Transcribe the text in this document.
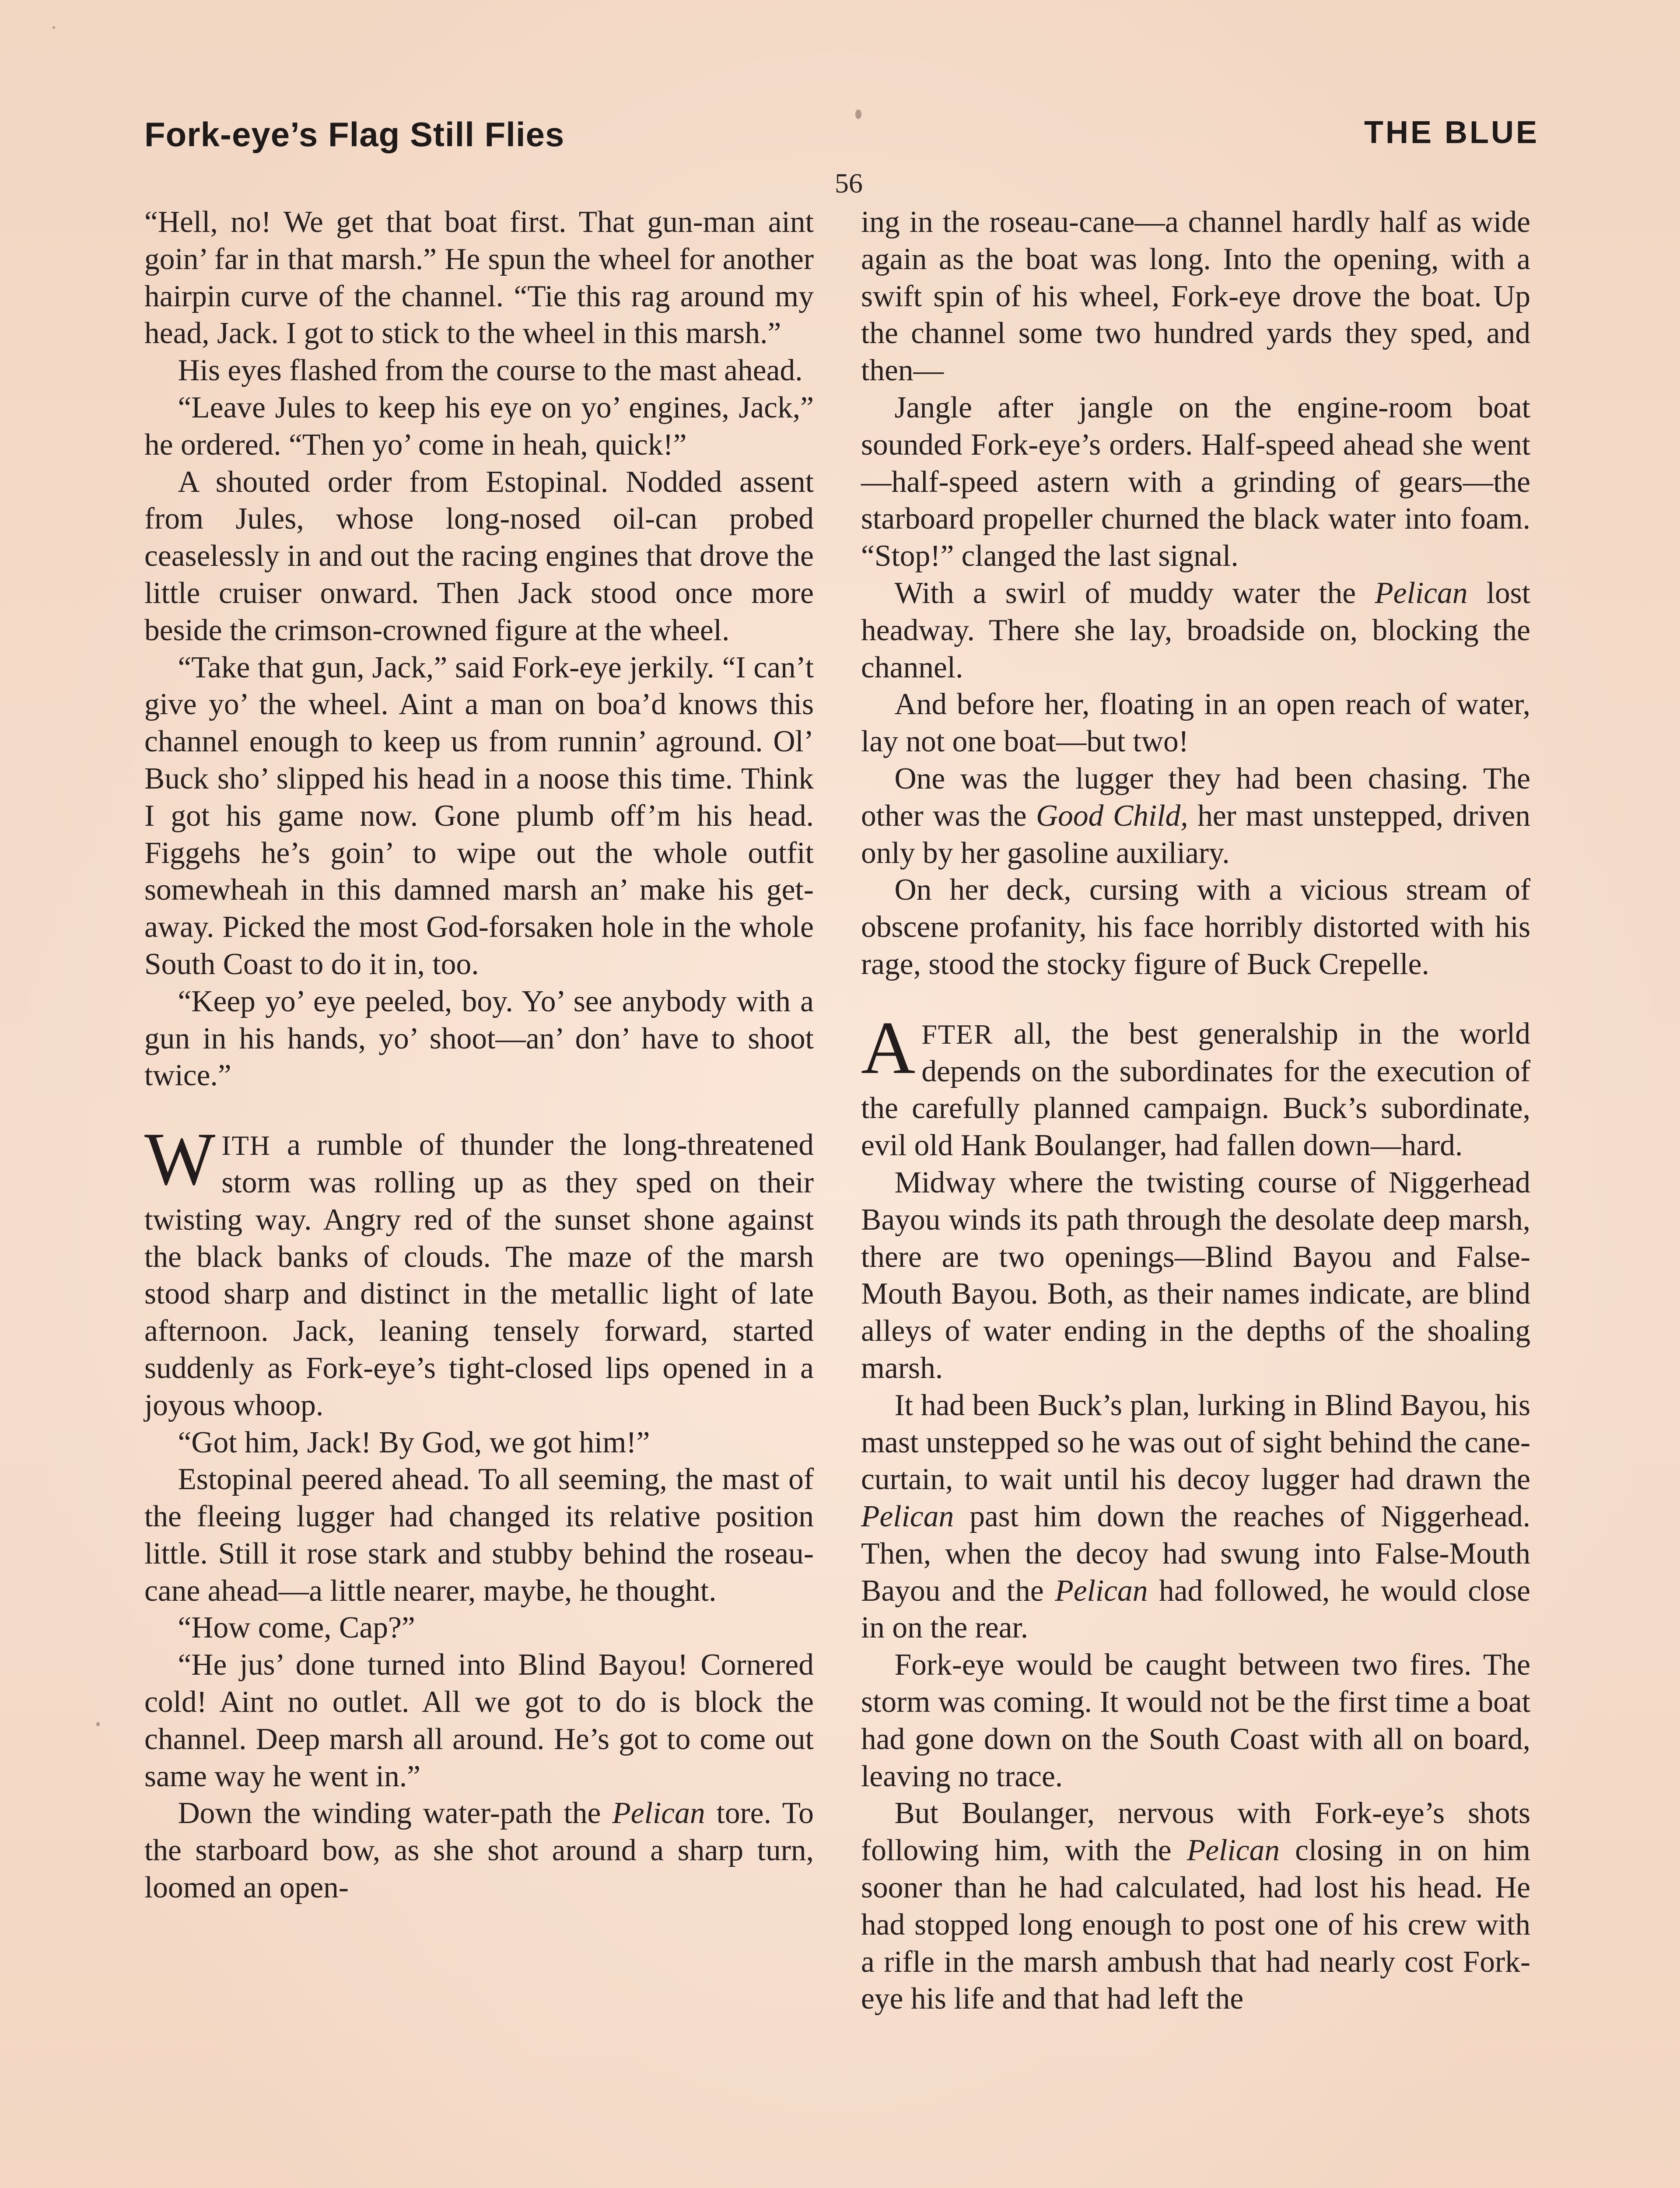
Fork-eye’s Flag Still Flies	THE BLUE
56

“Hell, no! We get that boat first. That gun-man aint goin’ far in that marsh.” He spun the wheel for another hairpin curve of the channel. “Tie this rag around my head, Jack. I got to stick to the wheel in this marsh.”

His eyes flashed from the course to the mast ahead.

“Leave Jules to keep his eye on yo’ engines, Jack,” he ordered. “Then yo’ come in heah, quick!”

A shouted order from Estopinal. Nodded assent from Jules, whose long-nosed oil-can probed ceaselessly in and out the racing engines that drove the little cruiser onward. Then Jack stood once more beside the crimson-crowned figure at the wheel.

“Take that gun, Jack,” said Fork-eye jerkily. “I can’t give yo’ the wheel. Aint a man on boa’d knows this channel enough to keep us from runnin’ aground. Ol’ Buck sho’ slipped his head in a noose this time. Think I got his game now. Gone plumb off’m his head. Figgehs he’s goin’ to wipe out the whole outfit somewheah in this damned marsh an’ make his get-away. Picked the most God-forsaken hole in the whole South Coast to do it in, too.

“Keep yo’ eye peeled, boy. Yo’ see anybody with a gun in his hands, yo’ shoot—an’ don’ have to shoot twice.”

WITH a rumble of thunder the long-threatened storm was rolling up as they sped on their twisting way. Angry red of the sunset shone against the black banks of clouds. The maze of the marsh stood sharp and distinct in the metallic light of late afternoon. Jack, leaning tensely forward, started suddenly as Fork-eye’s tight-closed lips opened in a joyous whoop.

“Got him, Jack! By God, we got him!”

Estopinal peered ahead. To all seeming, the mast of the fleeing lugger had changed its relative position little. Still it rose stark and stubby behind the roseau-cane ahead—a little nearer, maybe, he thought.

“How come, Cap?”

“He jus’ done turned into Blind Bayou! Cornered cold! Aint no outlet. All we got to do is block the channel. Deep marsh all around. He’s got to come out same way he went in.”

Down the winding water-path the Pelican tore. To the starboard bow, as she shot around a sharp turn, loomed an open-

ing in the roseau-cane—a channel hardly half as wide again as the boat was long. Into the opening, with a swift spin of his wheel, Fork-eye drove the boat. Up the channel some two hundred yards they sped, and then—

Jangle after jangle on the engine-room boat sounded Fork-eye’s orders. Half-speed ahead she went—half-speed astern with a grinding of gears—the starboard propeller churned the black water into foam. “Stop!” clanged the last signal.

With a swirl of muddy water the Pelican lost headway. There she lay, broadside on, blocking the channel.

And before her, floating in an open reach of water, lay not one boat—but two!

One was the lugger they had been chasing. The other was the Good Child, her mast unstepped, driven only by her gasoline auxiliary.

On her deck, cursing with a vicious stream of obscene profanity, his face horribly distorted with his rage, stood the stocky figure of Buck Crepelle.

AFTER all, the best generalship in the world depends on the subordinates for the execution of the carefully planned campaign. Buck’s subordinate, evil old Hank Boulanger, had fallen down—hard.

Midway where the twisting course of Niggerhead Bayou winds its path through the desolate deep marsh, there are two openings—Blind Bayou and False-Mouth Bayou. Both, as their names indicate, are blind alleys of water ending in the depths of the shoaling marsh.

It had been Buck’s plan, lurking in Blind Bayou, his mast unstepped so he was out of sight behind the cane-curtain, to wait until his decoy lugger had drawn the Pelican past him down the reaches of Niggerhead. Then, when the decoy had swung into False-Mouth Bayou and the Pelican had followed, he would close in on the rear.

Fork-eye would be caught between two fires. The storm was coming. It would not be the first time a boat had gone down on the South Coast with all on board, leaving no trace.

But Boulanger, nervous with Fork-eye’s shots following him, with the Pelican closing in on him sooner than he had calculated, had lost his head. He had stopped long enough to post one of his crew with a rifle in the marsh ambush that had nearly cost Fork-eye his life and that had left the
